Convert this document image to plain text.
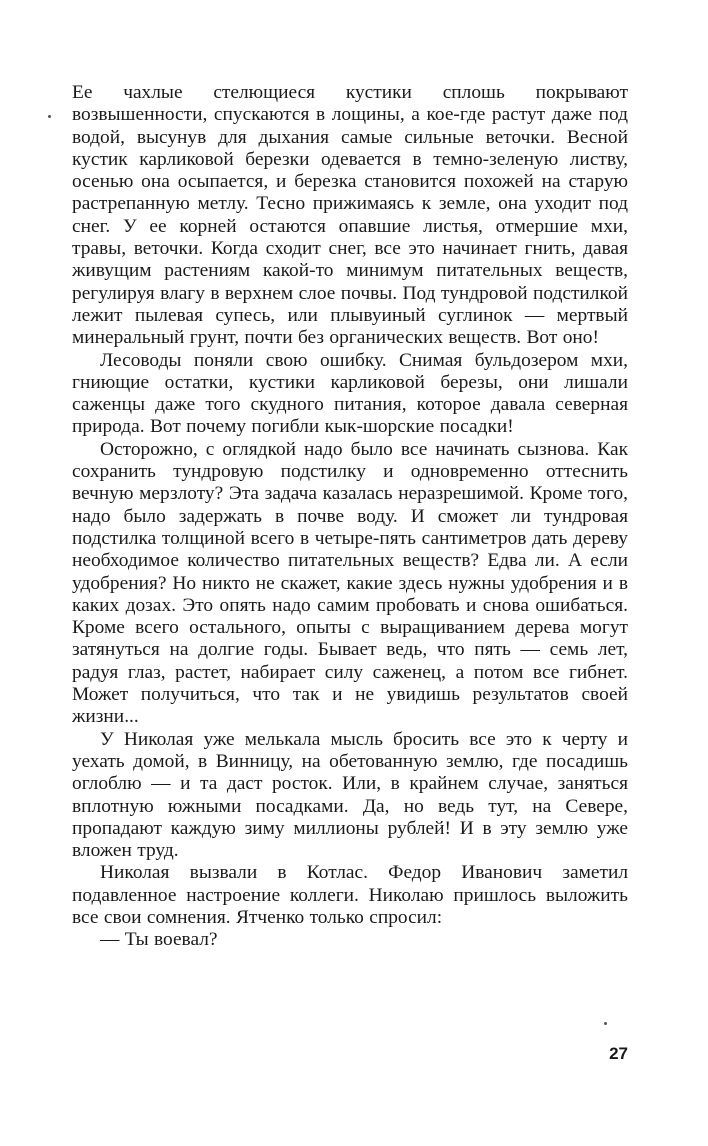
Ее чахлые стелющиеся кустики сплошь покрывают возвышенности, спускаются в лощины, а кое-где растут даже под водой, высунув для дыхания самые сильные веточки. Весной кустик карликовой березки одевается в темно-зеленую листву, осенью она осыпается, и березка становится похожей на старую растрепанную метлу. Тесно прижимаясь к земле, она уходит под снег. У ее корней остаются опавшие листья, отмершие мхи, травы, веточки. Когда сходит снег, все это начинает гнить, давая живущим растениям какой-то минимум питательных веществ, регулируя влагу в верхнем слое почвы. Под тундровой подстилкой лежит пылевая супесь, или плывуиный суглинок — мертвый минеральный грунт, почти без органических веществ. Вот оно!

Лесоводы поняли свою ошибку. Снимая бульдозером мхи, гниющие остатки, кустики карликовой березы, они лишали саженцы даже того скудного питания, которое давала северная природа. Вот почему погибли кык-шорские посадки!

Осторожно, с оглядкой надо было все начинать сызнова. Как сохранить тундровую подстилку и одновременно оттеснить вечную мерзлоту? Эта задача казалась неразрешимой. Кроме того, надо было задержать в почве воду. И сможет ли тундровая подстилка толщиной всего в четыре-пять сантиметров дать дереву необходимое количество питательных веществ? Едва ли. А если удобрения? Но никто не скажет, какие здесь нужны удобрения и в каких дозах. Это опять надо самим пробовать и снова ошибаться. Кроме всего остального, опыты с выращиванием дерева могут затянуться на долгие годы. Бывает ведь, что пять — семь лет, радуя глаз, растет, набирает силу саженец, а потом все гибнет. Может получиться, что так и не увидишь результатов своей жизни...

У Николая уже мелькала мысль бросить все это к черту и уехать домой, в Винницу, на обетованную землю, где посадишь оглоблю — и та даст росток. Или, в крайнем случае, заняться вплотную южными посадками. Да, но ведь тут, на Севере, пропадают каждую зиму миллионы рублей! И в эту землю уже вложен труд.

Николая вызвали в Котлас. Федор Иванович заметил подавленное настроение коллеги. Николаю пришлось выложить все свои сомнения. Ятченко только спросил:

— Ты воевал?

27
